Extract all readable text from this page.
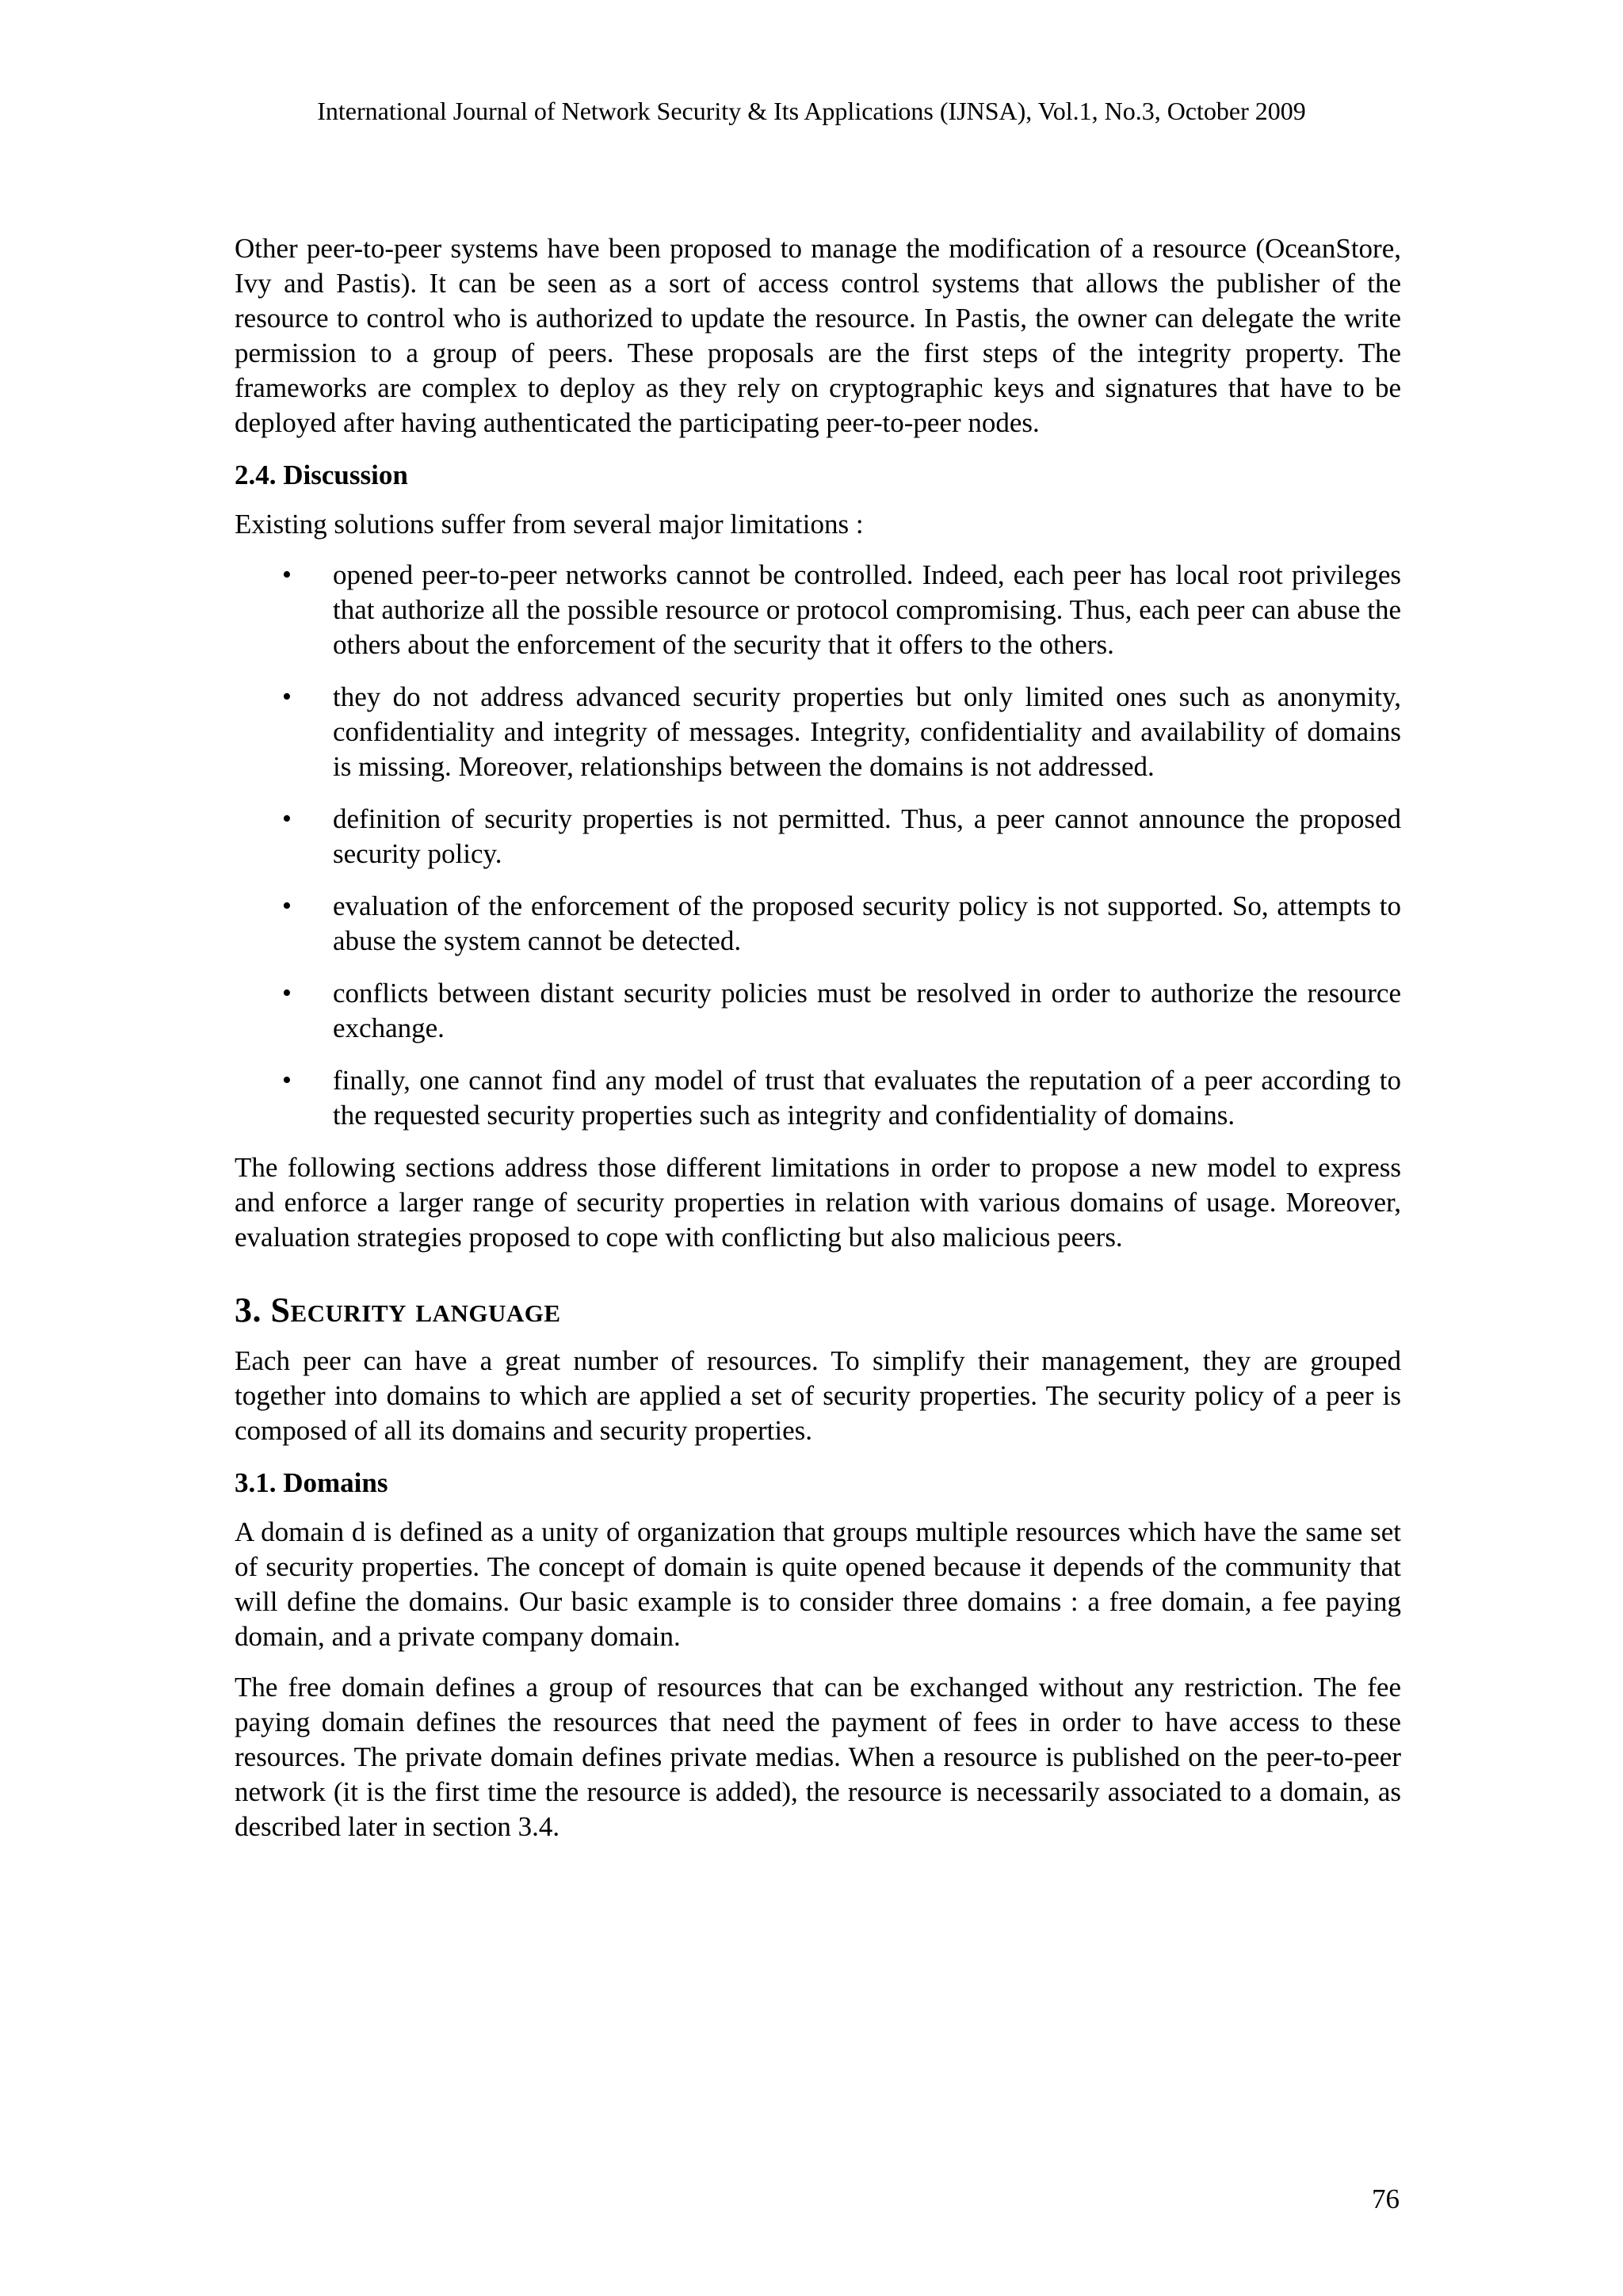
International Journal of Network Security & Its Applications (IJNSA), Vol.1, No.3, October 2009

Other peer-to-peer systems have been proposed to manage the modification of a resource (OceanStore, Ivy and Pastis). It can be seen as a sort of access control systems that allows the publisher of the resource to control who is authorized to update the resource. In Pastis, the owner can delegate the write permission to a group of peers. These proposals are the first steps of the integrity property. The frameworks are complex to deploy as they rely on cryptographic keys and signatures that have to be deployed after having authenticated the participating peer-to-peer nodes.

2.4. Discussion

Existing solutions suffer from several major limitations :

• opened peer-to-peer networks cannot be controlled. Indeed, each peer has local root privileges that authorize all the possible resource or protocol compromising. Thus, each peer can abuse the others about the enforcement of the security that it offers to the others.
• they do not address advanced security properties but only limited ones such as anonymity, confidentiality and integrity of messages. Integrity, confidentiality and availability of domains is missing. Moreover, relationships between the domains is not addressed.
• definition of security properties is not permitted. Thus, a peer cannot announce the proposed security policy.
• evaluation of the enforcement of the proposed security policy is not supported. So, attempts to abuse the system cannot be detected.
• conflicts between distant security policies must be resolved in order to authorize the resource exchange.
• finally, one cannot find any model of trust that evaluates the reputation of a peer according to the requested security properties such as integrity and confidentiality of domains.

The following sections address those different limitations in order to propose a new model to express and enforce a larger range of security properties in relation with various domains of usage. Moreover, evaluation strategies proposed to cope with conflicting but also malicious peers.

3. Security language

Each peer can have a great number of resources. To simplify their management, they are grouped together into domains to which are applied a set of security properties. The security policy of a peer is composed of all its domains and security properties.

3.1. Domains

A domain d is defined as a unity of organization that groups multiple resources which have the same set of security properties. The concept of domain is quite opened because it depends of the community that will define the domains. Our basic example is to consider three domains : a free domain, a fee paying domain, and a private company domain.

The free domain defines a group of resources that can be exchanged without any restriction. The fee paying domain defines the resources that need the payment of fees in order to have access to these resources. The private domain defines private medias. When a resource is published on the peer-to-peer network (it is the first time the resource is added), the resource is necessarily associated to a domain, as described later in section 3.4.

76
